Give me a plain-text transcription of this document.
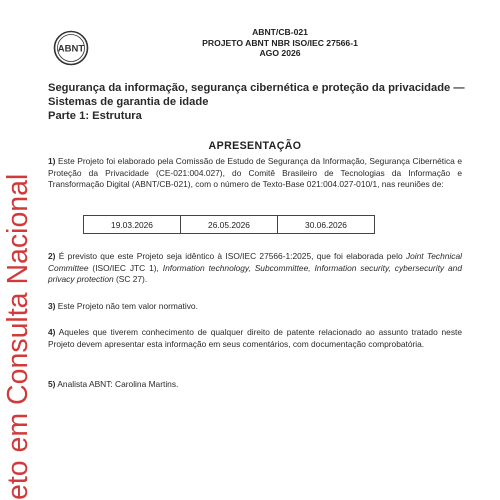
ABNT
ABNT/CB-021
PROJETO ABNT NBR ISO/IEC 27566-1
AGO 2026
Segurança da informação, segurança cibernética e proteção da privacidade —
Sistemas de garantia de idade
Parte 1: Estrutura
APRESENTAÇÃO
1) Este Projeto foi elaborado pela Comissão de Estudo de Segurança da Informação, Segurança Cibernética e Proteção da Privacidade (CE-021:004.027), do Comitê Brasileiro de Tecnologias da Informação e Transformação Digital (ABNT/CB-021), com o número de Texto-Base 021:004.027-010/1, nas reuniões de:
19.03.2026	26.05.2026	30.06.2026
2) É previsto que este Projeto seja idêntico à ISO/IEC 27566-1:2025, que foi elaborada pelo Joint Technical Committee (ISO/IEC JTC 1), Information technology, Subcommittee, Information security, cybersecurity and privacy protection (SC 27).
3) Este Projeto não tem valor normativo.
4) Aqueles que tiverem conhecimento de qualquer direito de patente relacionado ao assunto tratado neste Projeto devem apresentar esta informação em seus comentários, com documentação comprobatória.
5) Analista ABNT: Carolina Martins.
eto em Consulta Nacional
